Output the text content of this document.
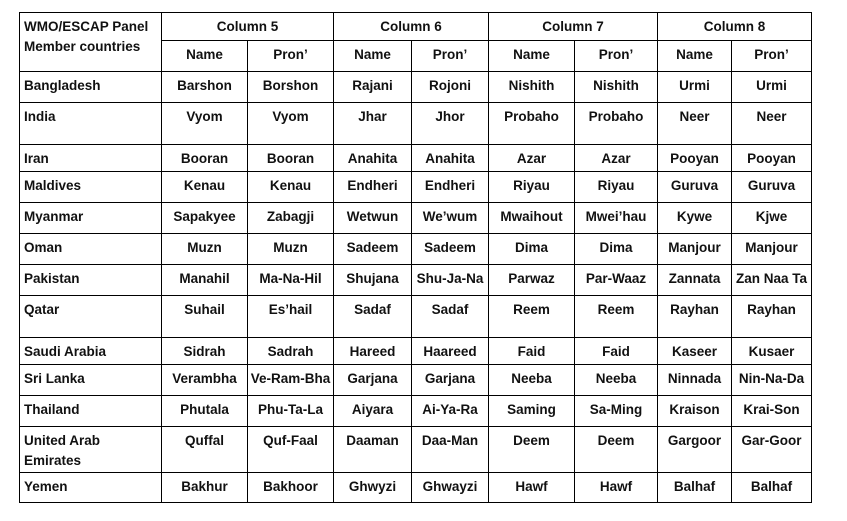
WMO/ESCAP Panel
Member countries	Column 5		Column 6		Column 7		Column 8	
	Name	Pron’	Name	Pron’	Name	Pron’	Name	Pron’
Bangladesh	Barshon	Borshon	Rajani	Rojoni	Nishith	Nishith	Urmi	Urmi
India	Vyom	Vyom	Jhar	Jhor	Probaho	Probaho	Neer	Neer
Iran	Booran	Booran	Anahita	Anahita	Azar	Azar	Pooyan	Pooyan
Maldives	Kenau	Kenau	Endheri	Endheri	Riyau	Riyau	Guruva	Guruva
Myanmar	Sapakyee	Zabagji	Wetwun	We’wum	Mwaihout	Mwei’hau	Kywe	Kjwe
Oman	Muzn	Muzn	Sadeem	Sadeem	Dima	Dima	Manjour	Manjour
Pakistan	Manahil	Ma-Na-Hil	Shujana	Shu-Ja-Na	Parwaz	Par-Waaz	Zannata	Zan Naa Ta
Qatar	Suhail	Es’hail	Sadaf	Sadaf	Reem	Reem	Rayhan	Rayhan
Saudi Arabia	Sidrah	Sadrah	Hareed	Haareed	Faid	Faid	Kaseer	Kusaer
Sri Lanka	Verambha	Ve-Ram-Bha	Garjana	Garjana	Neeba	Neeba	Ninnada	Nin-Na-Da
Thailand	Phutala	Phu-Ta-La	Aiyara	Ai-Ya-Ra	Saming	Sa-Ming	Kraison	Krai-Son
United Arab
Emirates	Quffal	Quf-Faal	Daaman	Daa-Man	Deem	Deem	Gargoor	Gar-Goor
Yemen	Bakhur	Bakhoor	Ghwyzi	Ghwayzi	Hawf	Hawf	Balhaf	Balhaf
